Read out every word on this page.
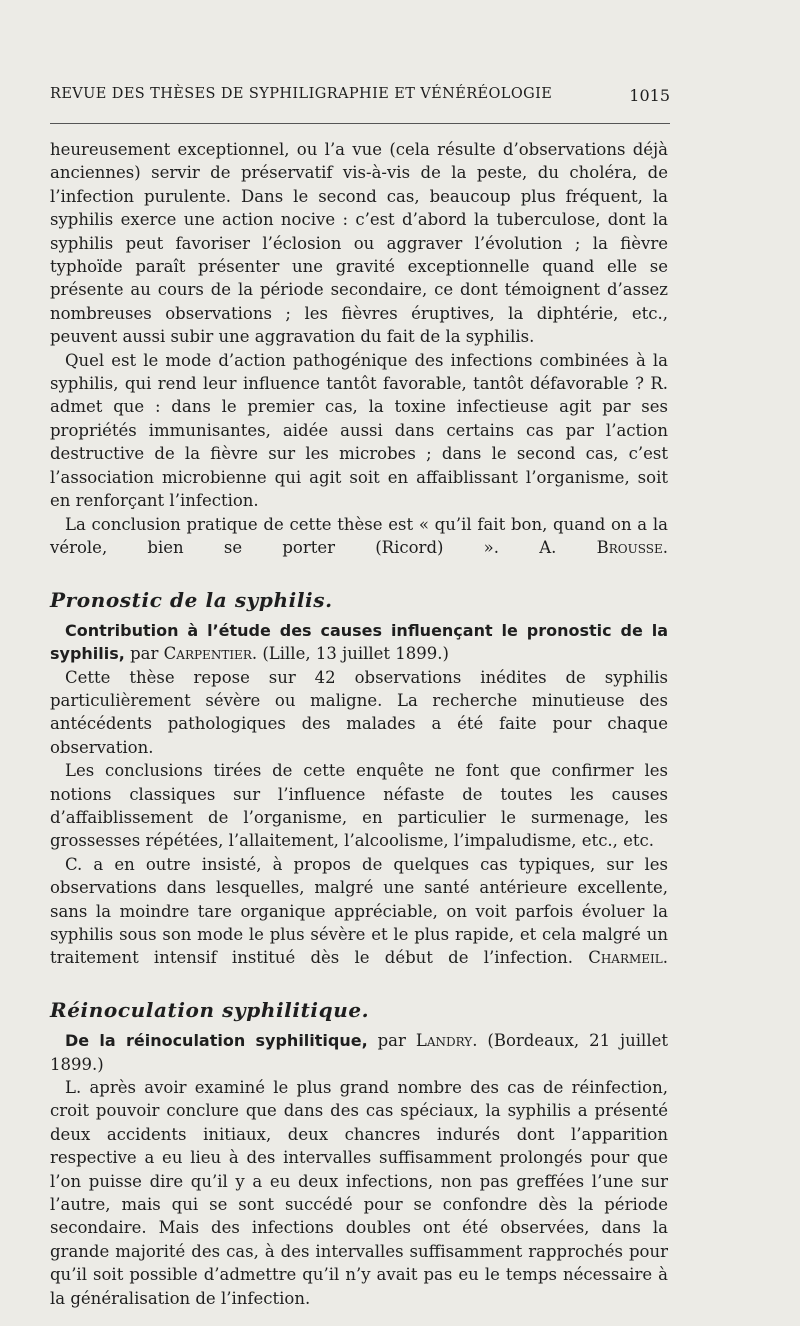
REVUE DES THÈSES DE SYPHILIGRAPHIE ET VÉNÉRÉOLOGIE	1015

heureusement exceptionnel, ou l’a vue (cela résulte d’observations déjà anciennes) servir de préservatif vis-à-vis de la peste, du choléra, de l’infection purulente. Dans le second cas, beaucoup plus fréquent, la syphilis exerce une action nocive : c’est d’abord la tuberculose, dont la syphilis peut favoriser l’éclosion ou aggraver l’évolution ; la fièvre typhoïde paraît présenter une gravité exceptionnelle quand elle se présente au cours de la période secondaire, ce dont témoignent d’assez nombreuses observations ; les fièvres éruptives, la diphtérie, etc., peuvent aussi subir une aggravation du fait de la syphilis.

Quel est le mode d’action pathogénique des infections combinées à la syphilis, qui rend leur influence tantôt favorable, tantôt défavorable ? R. admet que : dans le premier cas, la toxine infectieuse agit par ses propriétés immunisantes, aidée aussi dans certains cas par l’action destructive de la fièvre sur les microbes ; dans le second cas, c’est l’association microbienne qui agit soit en affaiblissant l’organisme, soit en renforçant l’infection.

La conclusion pratique de cette thèse est « qu’il fait bon, quand on a la vérole, bien se porter (Ricord) ». A. Brousse.

Pronostic de la syphilis.

Contribution à l’étude des causes influençant le pronostic de la syphilis, par Carpentier. (Lille, 13 juillet 1899.)

Cette thèse repose sur 42 observations inédites de syphilis particulièrement sévère ou maligne. La recherche minutieuse des antécédents pathologiques des malades a été faite pour chaque observation.

Les conclusions tirées de cette enquête ne font que confirmer les notions classiques sur l’influence néfaste de toutes les causes d’affaiblissement de l’organisme, en particulier le surmenage, les grossesses répétées, l’allaitement, l’alcoolisme, l’impaludisme, etc., etc.

C. a en outre insisté, à propos de quelques cas typiques, sur les observations dans lesquelles, malgré une santé antérieure excellente, sans la moindre tare organique appréciable, on voit parfois évoluer la syphilis sous son mode le plus sévère et le plus rapide, et cela malgré un traitement intensif institué dès le début de l’infection. Charmeil.

Réinoculation syphilitique.

De la réinoculation syphilitique, par Landry. (Bordeaux, 21 juillet 1899.)

L. après avoir examiné le plus grand nombre des cas de réinfection, croit pouvoir conclure que dans des cas spéciaux, la syphilis a présenté deux accidents initiaux, deux chancres indurés dont l’apparition respective a eu lieu à des intervalles suffisamment prolongés pour que l’on puisse dire qu’il y a eu deux infections, non pas greffées l’une sur l’autre, mais qui se sont succédé pour se confondre dès la période secondaire. Mais des infections doubles ont été observées, dans la grande majorité des cas, à des intervalles suffisamment rapprochés pour qu’il soit possible d’admettre qu’il n’y avait pas eu le temps nécessaire à la généralisation de l’infection.
